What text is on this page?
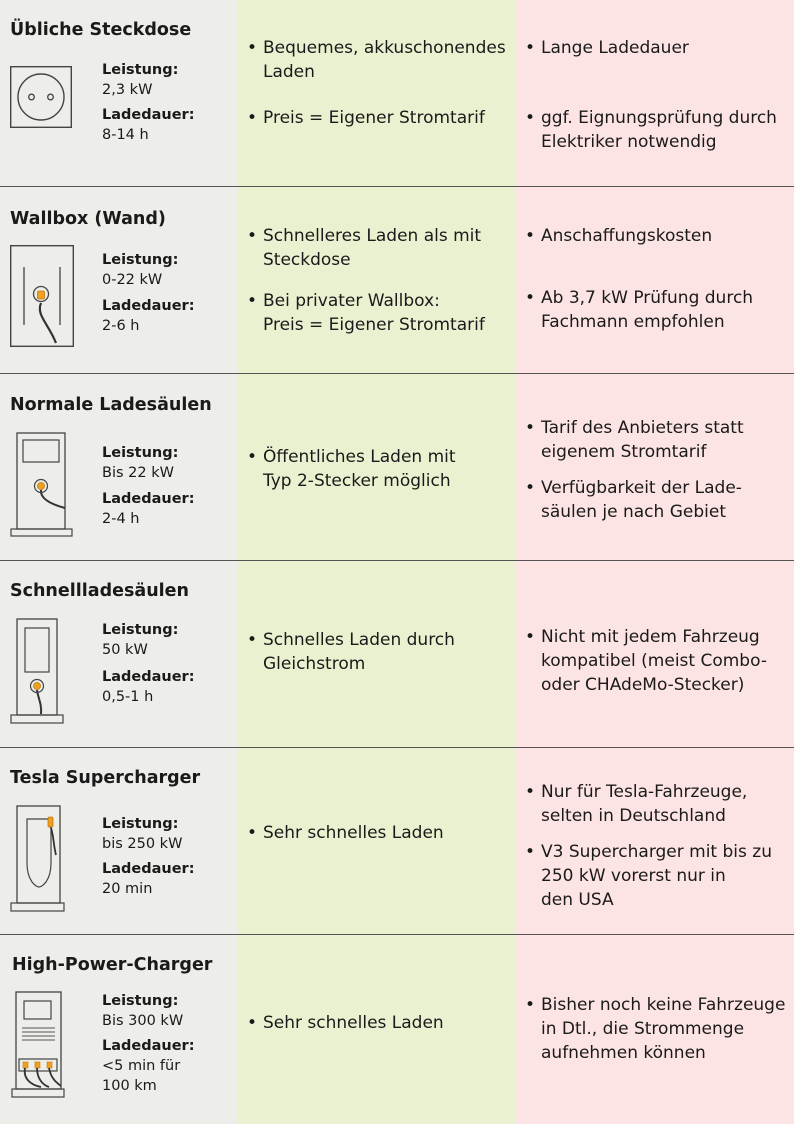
Übliche Steckdose
Leistung:
2,3 kW
Ladedauer:
8-14 h
• Bequemes, akkuschonendes
Laden
• Preis = Eigener Stromtarif
• Lange Ladedauer
• ggf. Eignungsprüfung durch
Elektriker notwendig
Wallbox (Wand)
Leistung:
0-22 kW
Ladedauer:
2-6 h
• Schnelleres Laden als mit
Steckdose
• Bei privater Wallbox:
Preis = Eigener Stromtarif
• Anschaffungskosten
• Ab 3,7 kW Prüfung durch
Fachmann empfohlen
Normale Ladesäulen
Leistung:
Bis 22 kW
Ladedauer:
2-4 h
• Öffentliches Laden mit
Typ 2-Stecker möglich
• Tarif des Anbieters statt
eigenem Stromtarif
• Verfügbarkeit der Lade-
säulen je nach Gebiet
Schnellladesäulen
Leistung:
50 kW
Ladedauer:
0,5-1 h
• Schnelles Laden durch
Gleichstrom
• Nicht mit jedem Fahrzeug
kompatibel (meist Combo-
oder CHAdeMo-Stecker)
Tesla Supercharger
Leistung:
bis 250 kW
Ladedauer:
20 min
• Sehr schnelles Laden
• Nur für Tesla-Fahrzeuge,
selten in Deutschland
• V3 Supercharger mit bis zu
250 kW vorerst nur in
den USA
High-Power-Charger
Leistung:
Bis 300 kW
Ladedauer:
<5 min für
100 km
• Sehr schnelles Laden
• Bisher noch keine Fahrzeuge
in Dtl., die Strommenge
aufnehmen können
